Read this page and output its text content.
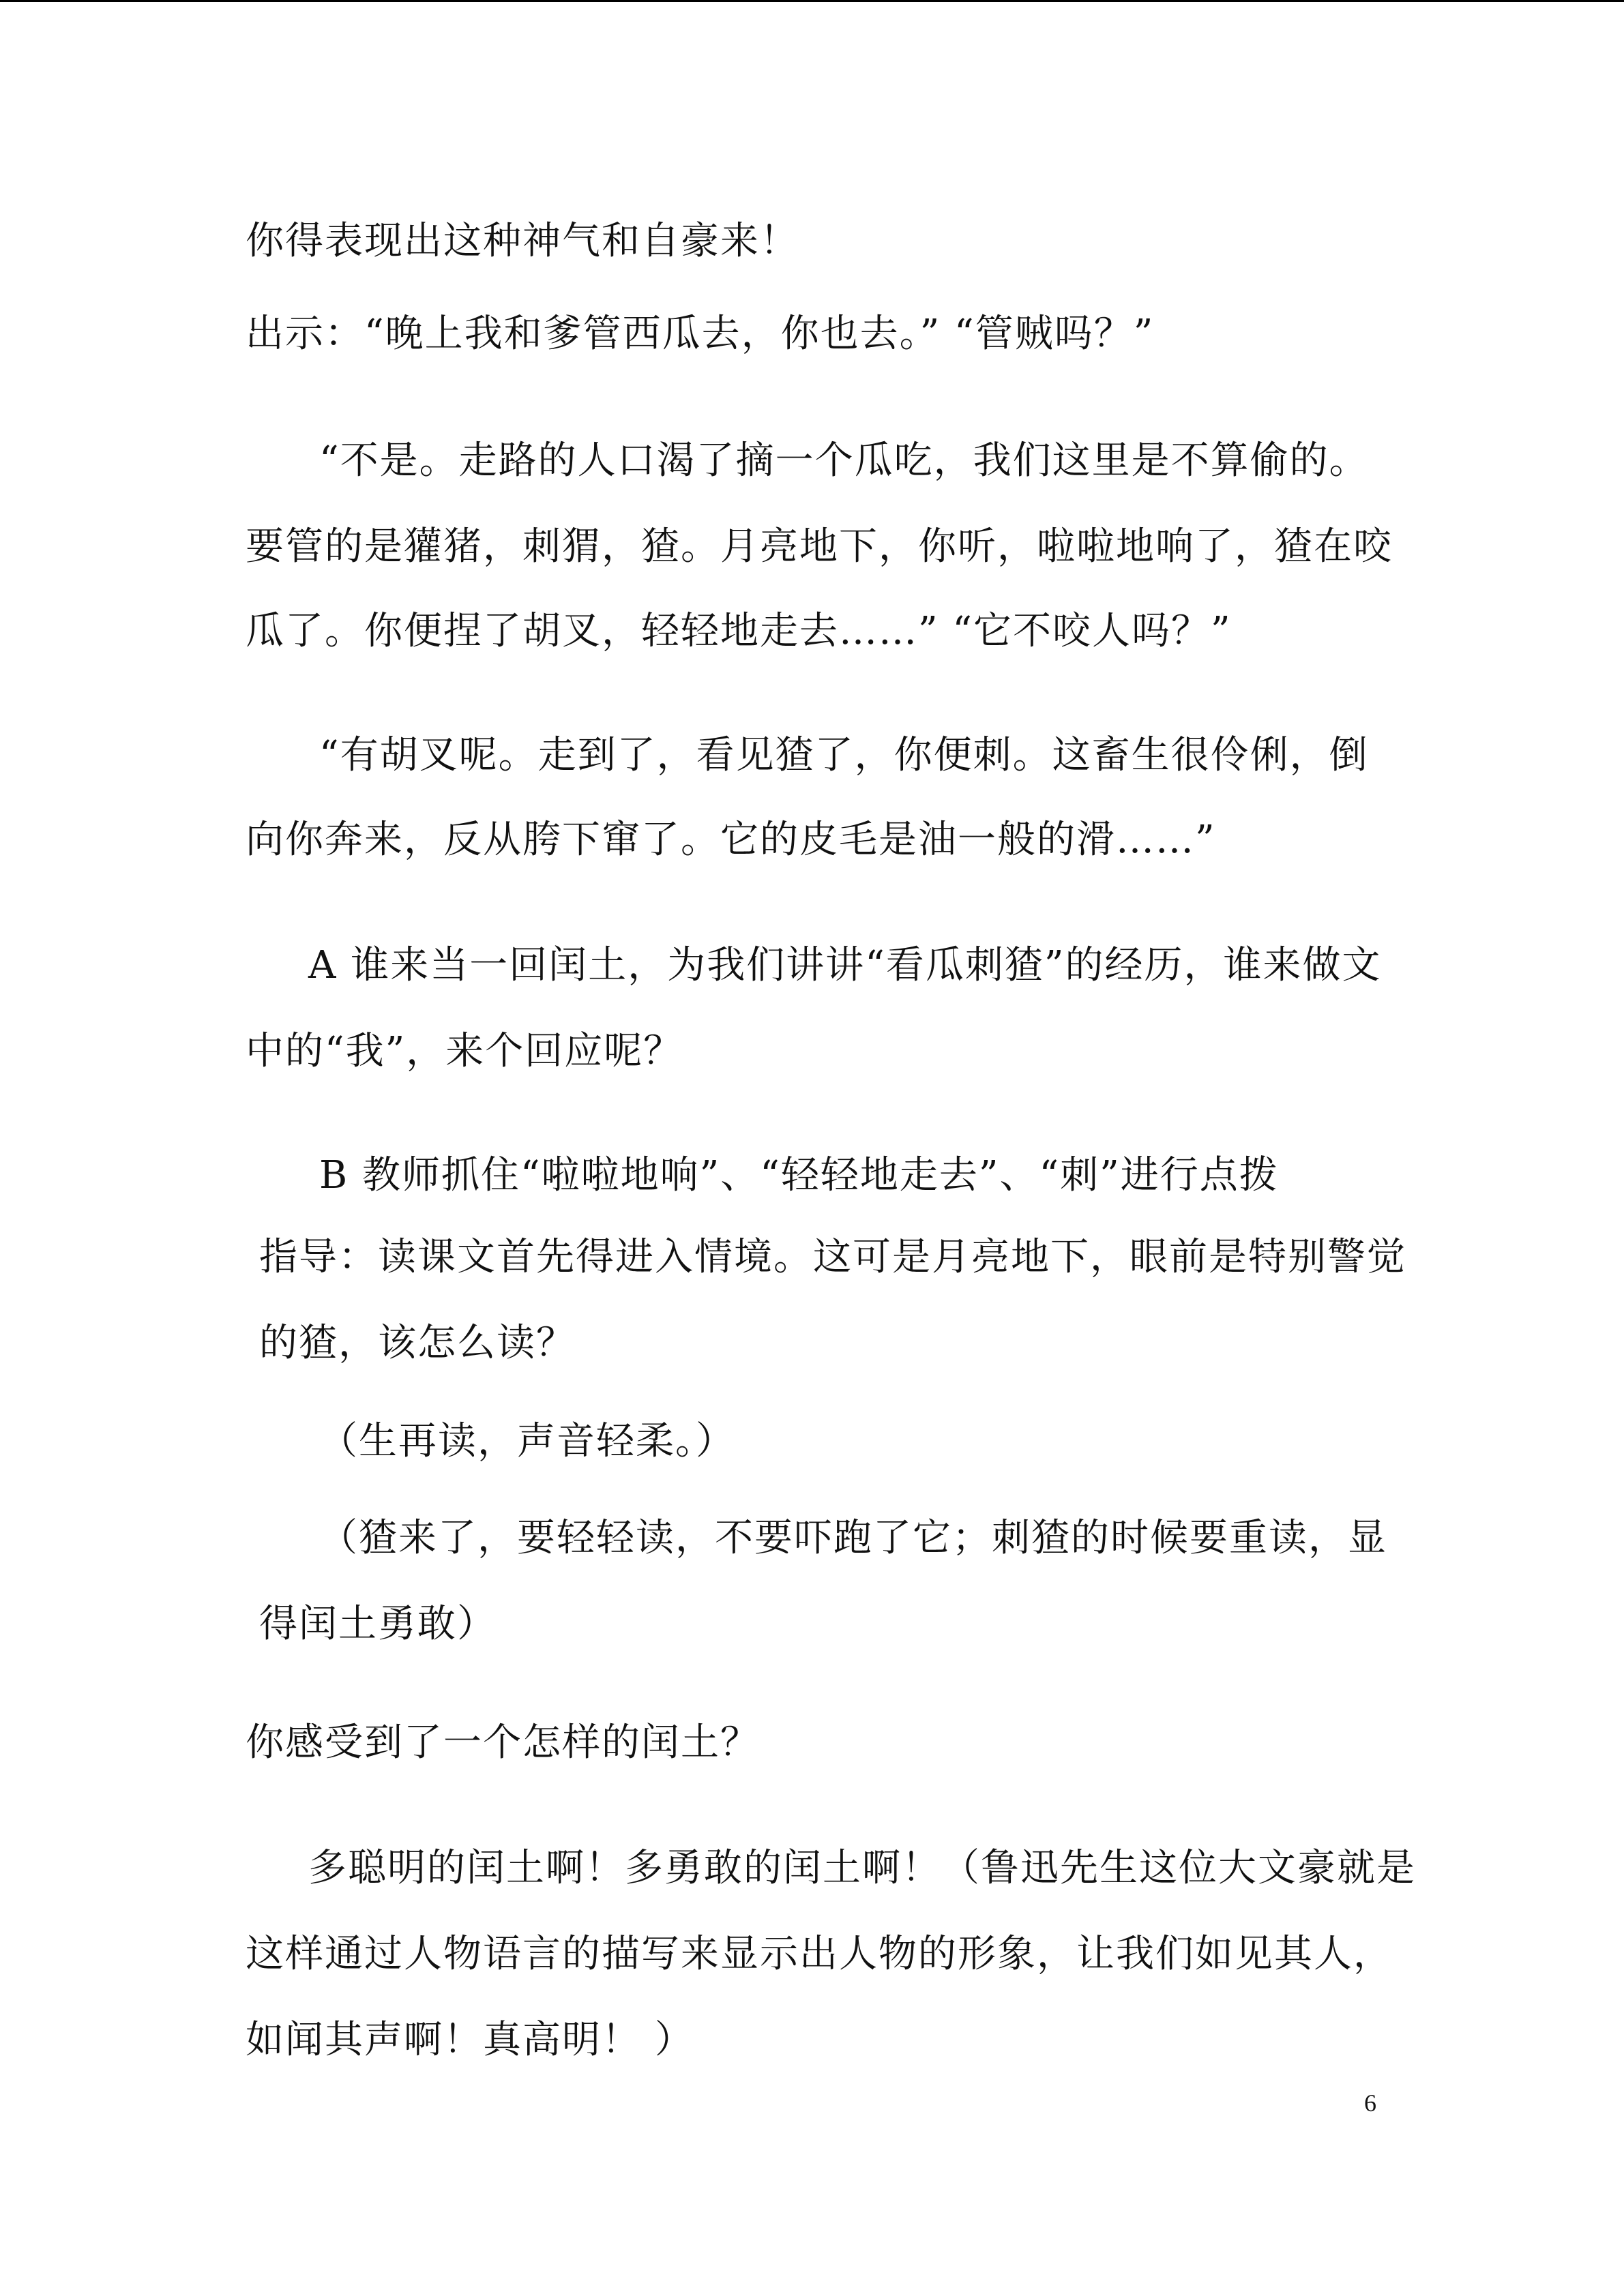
你得表现出这种神气和自豪来！
出示：“晚上我和爹管西瓜去，你也去。” “管贼吗？”
“不是。走路的人口渴了摘一个瓜吃，我们这里是不算偷的。
要管的是獾猪，刺猬，猹。月亮地下，你听，啦啦地响了，猹在咬
瓜了。你便捏了胡叉，轻轻地走去……” “它不咬人吗？”
“有胡叉呢。走到了，看见猹了，你便刺。这畜生很伶俐，倒
向你奔来，反从胯下窜了。它的皮毛是油一般的滑……”
A 谁来当一回闰土，为我们讲讲“看瓜刺猹”的经历，谁来做文
中的“我”，来个回应呢？
B 教师抓住“啦啦地响”、“轻轻地走去”、“刺”进行点拨
指导：读课文首先得进入情境。这可是月亮地下，眼前是特别警觉
的猹，该怎么读？
（生再读，声音轻柔。）
（猹来了，要轻轻读，不要吓跑了它；刺猹的时候要重读，显
得闰土勇敢）
你感受到了一个怎样的闰土？
多聪明的闰土啊！多勇敢的闰土啊！（鲁迅先生这位大文豪就是
这样通过人物语言的描写来显示出人物的形象，让我们如见其人，
如闻其声啊！真高明！ ）
6
